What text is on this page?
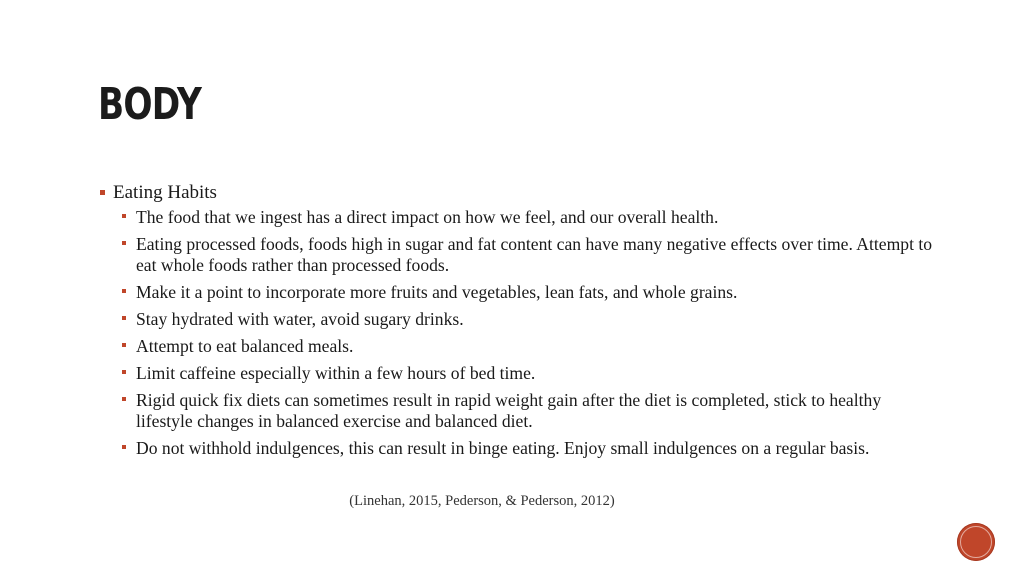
BODY
Eating Habits
The food that we ingest has a direct impact on how we feel, and our overall health.
Eating processed foods, foods high in sugar and fat content can have many negative effects over time. Attempt to eat whole foods rather than processed foods.
Make it a point to incorporate more fruits and vegetables, lean fats, and whole grains.
Stay hydrated with water, avoid sugary drinks.
Attempt to eat balanced meals.
Limit caffeine especially within a few hours of bed time.
Rigid quick fix diets can sometimes result in rapid weight gain after the diet is completed, stick to healthy lifestyle changes in balanced exercise and balanced diet.
Do not withhold indulgences, this can result in binge eating. Enjoy small indulgences on a regular basis.
(Linehan, 2015, Pederson, & Pederson, 2012)
